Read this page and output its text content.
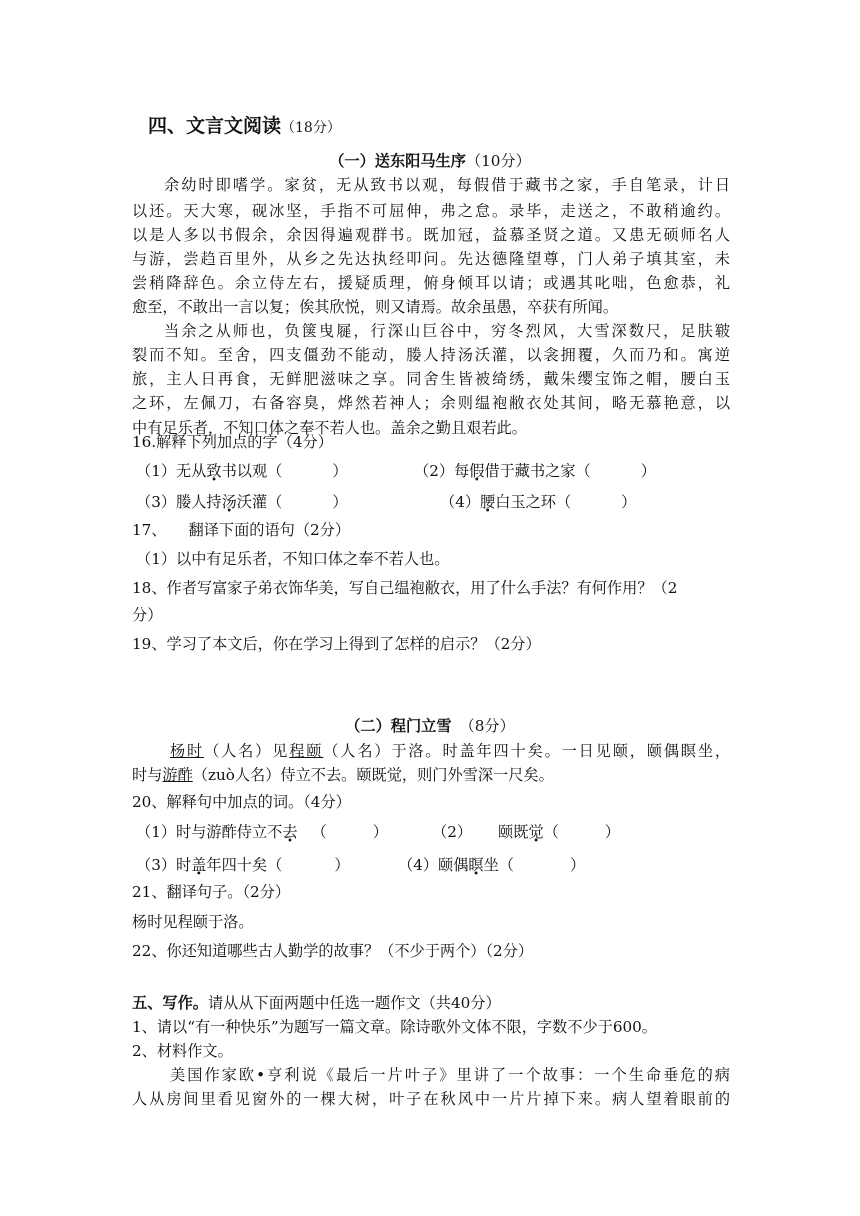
四、文言文阅读（18分）
（一）送东阳马生序（10分）
余幼时即嗜学。家贫，无从致书以观，每假借于藏书之家，手自笔录，计日
以还。天大寒，砚冰坚，手指不可屈伸，弗之怠。录毕，走送之，不敢稍逾约。
以是人多以书假余，余因得遍观群书。既加冠，益慕圣贤之道。又患无硕师名人
与游，尝趋百里外，从乡之先达执经叩问。先达德隆望尊，门人弟子填其室，未
尝稍降辞色。余立侍左右，援疑质理，俯身倾耳以请；或遇其叱咄，色愈恭，礼
愈至，不敢出一言以复；俟其欣悦，则又请焉。故余虽愚，卒获有所闻。
当余之从师也，负箧曳屣，行深山巨谷中，穷冬烈风，大雪深数尺，足肤皲
裂而不知。至舍，四支僵劲不能动，媵人持汤沃灌，以衾拥覆，久而乃和。寓逆
旅，主人日再食，无鲜肥滋味之享。同舍生皆被绮绣，戴朱缨宝饰之帽，腰白玉
之环，左佩刀，右备容臭，烨然若神人；余则缊袍敝衣处其间，略无慕艳意，以
中有足乐者，不知口体之奉不若人也。盖余之勤且艰若此。
16.解释下列加点的字（4分）
（1）无从致书以观（	）	（2）每假借于藏书之家（	）
（3）媵人持汤沃灌（	）	（4）腰白玉之环（	）
17、 翻译下面的语句（2分）
（1）以中有足乐者，不知口体之奉不若人也。
18、作者写富家子弟衣饰华美，写自己缊袍敝衣，用了什么手法？有何作用？（2
分）
19、学习了本文后，你在学习上得到了怎样的启示？（2分）
（二）程门立雪 （8分）
杨时（人名）见程颐（人名）于洛。时盖年四十矣。一日见颐，颐偶瞑坐，
时与游酢（zuò人名）侍立不去。颐既觉，则门外雪深一尺矣。
20、解释句中加点的词。（4分）
（1）时与游酢侍立不去 （	）	（2） 颐既觉（	）
（3）时盖年四十矣（	）	（4）颐偶瞑坐（	）
21、翻译句子。（2分）
杨时见程颐于洛。
22、你还知道哪些古人勤学的故事？（不少于两个）（2分）
五、写作。请从从下面两题中任选一题作文（共40分）
1、请以“有一种快乐”为题写一篇文章。除诗歌外文体不限，字数不少于600。
2、材料作文。
美国作家欧•亨利说《最后一片叶子》里讲了一个故事：一个生命垂危的病
人从房间里看见窗外的一棵大树，叶子在秋风中一片片掉下来。病人望着眼前的
